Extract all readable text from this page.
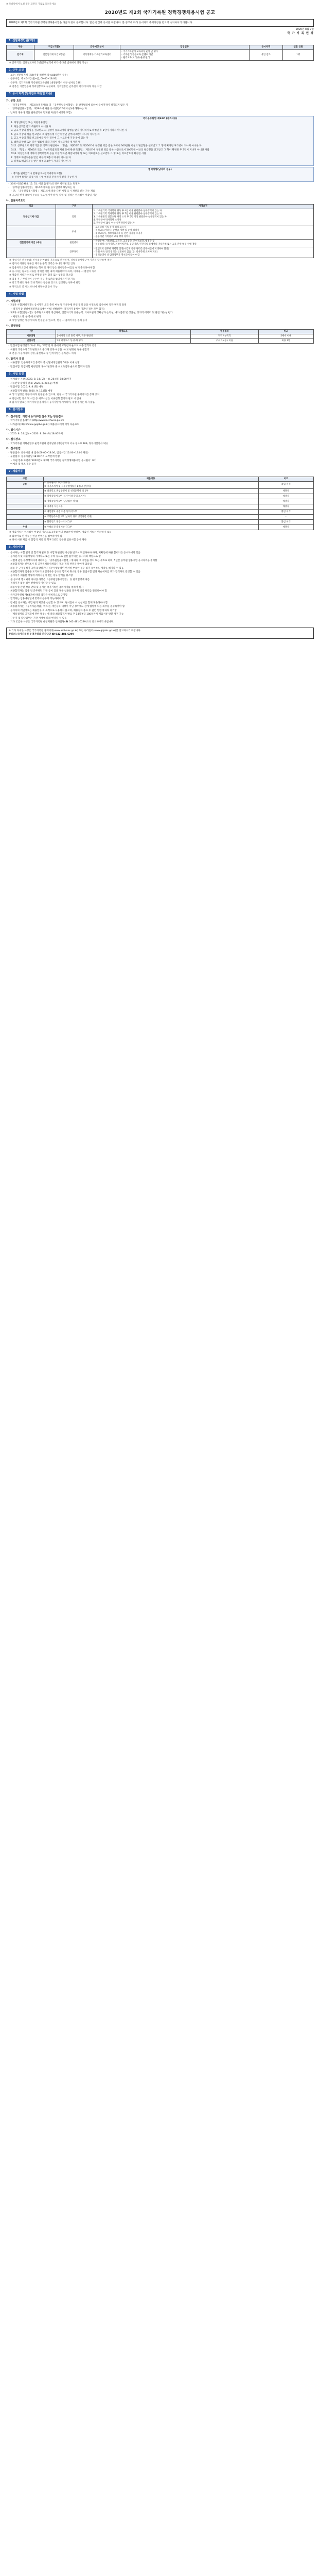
※ 모바일에서 보실 경우 화면을 가로로 돌려주세요
2020년도 제2회 국가기록원 경력경쟁채용시험 공고
2020년도 제2회 국가기록원 경력경쟁채용시험을 다음과 같이 공고합니다. 많은 관심과 응시를 바랍니다. 본 공고에 따라 응시자의 주의사항을 반드시 숙지하시기 바랍니다.
2020년 8월 7일
국 가 기 록 원 장
1. 선발예정인원(1명)
구분	직급 (직렬)	근무예정 부서	담당업무	응시자격	선발 인원
임기제	전문임기제 다급 (행정)	기록정책부 기록관리교육센터	◦ 국가기록관리 교육과정 운영 및 평가
◦ 기록관리 전문교육 콘텐츠 개발
◦ 원격교육(이러닝) 운영 관리	붙임 참조	1명

※ 근무기간: 임용일로부터 2년(근무실적에 따라 총 5년 범위에서 연장 가능)

2. 근무 조건

◦ 보수: 전문임기제 다급(연봉 하한액 약 4,800만원 수준)

◦ 근무시간: 주 40시간(월~금, 09:00~18:00)

◦ 근무지: 국가기록원 기록관리교육센터 (대전광역시 서구 청사로 189)

※ 연봉은 기본연봉과 성과연봉으로 구성되며, 성과연봉은 근무실적 평가에 따라 차등 지급

3. 응시 자격 (원서접수 마감일 기준)
가. 공통 요건

◦ 「국가공무원법」 제33조(결격사유) 및 「공무원임용시험령」 등 관계법령에 의하여 응시자격이 정지되지 않은 자

◦ 「공무원임용시험령」 제16조에 따른 응시연령(20세 이상)에 해당하는 자

◦ 남자의 경우 병역을 필하였거나 면제된 자(전역예정자 포함)

국가공무원법 제33조 (결격사유)

1. 피성년후견인 또는 피한정후견인

2. 파산선고를 받고 복권되지 아니한 자

3. 금고 이상의 실형을 선고받고 그 집행이 종료되거나 집행을 받지 아니하기로 확정된 후 5년이 지나지 아니한 자

4. 금고 이상의 형을 선고받고 그 집행유예 기간이 끝난 날부터 2년이 지나지 아니한 자

5. 금고 이상의 형의 선고유예를 받은 경우에 그 선고유예 기간 중에 있는 자

6. 법원의 판결 또는 다른 법률에 따라 자격이 상실되거나 정지된 자

6의2. 공무원으로 재직기간 중 직무와 관련하여 「형법」 제355조 및 제356조에 규정된 죄를 범한 자로서 300만원 이상의 벌금형을 선고받고 그 형이 확정된 후 2년이 지나지 아니한 자

6의3. 「형법」 제303조 또는 「성폭력범죄의 처벌 등에 관한 특례법」 제10조에 규정된 죄를 범한 사람으로서 100만원 이상의 벌금형을 선고받고 그 형이 확정된 후 3년이 지나지 아니한 사람

6의4. 미성년자에 대하여 성폭력범죄 등을 저질러 파면·해임되거나 형 또는 치료감호를 선고받아 그 형 또는 치료감호가 확정된 사람

7. 징계로 파면처분을 받은 때부터 5년이 지나지 아니한 자

8. 징계로 해임처분을 받은 때부터 3년이 지나지 아니한 자

병역사항(남자의 경우)

◦ 병역을 필하였거나 면제된 자 (전역예정자 포함)

※ 전역예정자는 최종시험 시행 예정일 전일까지 전역 가능한 자

◦ 36세 이상(1984. 12. 31. 이전 출생자)의 경우 병역필 또는 면제자

◦ 「공무원 임용시험령」 제16조에 따른 응시연령에 해당하는 자

- 단, 「공무원임용시험령」 제51조에 따라 다른 시험 응시 제한을 받는 자는 제외

※ 공고일 현재 국내에 주소를 두고 있어야 하며, 학력 및 경력은 원서접수 마감일 기준

나. 임용자격요건
직급	구분	자격요건
전문임기제 다급	일반	1. 기록관리학 석사학위 취득 후 4년 이상 관련분야 실무경력이 있는 자
2. 기록관리학 학사학위 취득 후 7년 이상 관련분야 실무경력이 있는 자
3. 기록물관리 전문요원 자격 소지 후 5년 이상 관련분야 실무경력이 있는 자
4. 관련분야 박사학위 소지자
5. 관련분야 10년 이상 실무경력이 있는 자
	우대	◦ 교육과정 기획·운영 경력 보유자
◦ 원격교육(이러닝) 콘텐츠 개발 및 운영 경력자
◦ 평생교육사, 정보처리기사 등 관련 자격증 소지자
◦ 공공기관 기록관리 교육 강의 경력자
전문임기제 다급 (세부)	관련분야	◦ 관련분야: 기록관리, 교육학, 교육공학, 문헌정보학, 행정학 등
◦ 실무경력: 국가기관, 지방자치단체, 공공기관, 민간기업 등에서의 기록관리 또는 교육 관련 업무 수행 경력
	근무경력	◦ 전임으로 근무한 경력만 인정(시간제 근무 경력은 근무시간에 비례하여 환산)
◦ 학위 취득 전의 경력은 인정하지 않음 (단, 박사학위 소지자 제외)
◦ 경력증명서 상 담당업무가 명시되어 있어야 함

※ 경력기간 산정방법: 원서접수 마감일 기준으로 산정하며, 경력증명서상 근무기간을 합산하여 계산

※ 겸직이 허용된 경우를 제외한 중복 경력은 하나의 경력만 인정

※ 임용자격요건에 해당하는 학위 및 경력 등은 원서접수 마감일 현재 충족하여야 함

※ 응시자는 필요한 서류를 정해진 기한 내에 제출하여야 하며, 미제출 시 불합격 처리

※ 제출된 서류가 허위로 판명될 경우 합격 또는 임용을 취소함

※ 임용 후 근무실적이 우수한 경우 총 5년의 범위에서 연장 가능

※ 외국 학위의 경우 국내 학위와 동등한 것으로 인정되는 경우에 한함

※ 자격요건 중 어느 하나에 해당하면 응시 가능

4. 시험 방법
가. 시험과정

◦ 제1차 시험(서류전형): 응시자격 요건 충족 여부 및 직무수행 관련 경력 등을 서면으로 심사하여 적격·부적격 결정

- 적격자 중 선발예정인원의 5배수 이내 선발(다만, 적격자가 5배수 미만인 경우 모두 합격)

◦ 제2차 시험(면접시험): 공무원으로서의 정신자세, 전문지식과 응용능력, 의사표현의 정확성과 논리성, 예의·품행 및 성실성, 창의력·의지력 및 발전 가능성 평가

- 평정요소별 상·중·하로 평가

※ 시험 일정은 사정에 따라 변경될 수 있으며, 변경 시 홈페이지를 통해 공지

나. 평정방법
구분	평정요소	평정결과	비고
서류전형	응시자격 요건 충족 여부, 직무 관련성	적격 / 부적격	5배수 이내
면접시험	5개 평정요소 상·중·하 평가	우수 / 보통 / 미흡	최종 1명

◦ 면접시험 평정결과 '우수' 또는 '보통'인 자 중에서 고득점자 순으로 최종 합격자 결정

◦ 위원의 과반수가 5개 평정요소 중 2개 항목 이상을 '하'로 평정한 경우 불합격

※ 면접 시 응시자의 성명, 출신학교 등 인적사항은 블라인드 처리

다. 합격자 결정

◦ 서류전형: 임용자격요건 충족자 중 선발예정인원의 5배수 이내 선발

◦ 면접시험: 면접시험 평정결과 '우수' 판정자 중 최고득점자 순으로 합격자 결정

5. 시험 일정

◦ 원서접수 기간: 2020. 8. 14.(금) ~ 8. 20.(목) 18:00까지

◦ 서류전형 합격자 발표: 2020. 8. 28.(금) 예정

◦ 면접시험: 2020. 9. 8.(화) 예정

◦ 최종합격자 발표: 2020. 9. 15.(화) 예정

※ 상기 일정은 사정에 따라 변경될 수 있으며, 변경 시 국가기록원 홈페이지를 통해 공지

※ 면접시험 장소 및 시간 등 세부사항은 서류전형 합격자 발표 시 안내

※ 합격자 발표는 국가기록원 홈페이지 공지사항에 게시하며, 개별 통지는 하지 않음

6. 원서접수
가. 접수방법: 기한내 등기우편 접수 또는 방문접수

◦ 국가기록원 홈페이지(http://www.archives.go.kr)

◦ 나라일터(http://www.gojobs.go.kr) 채용공고에서 서식 다운로드

나. 접수기간

◦ 2020. 8. 14.(금) ~ 2020. 8. 20.(목) 18:00까지

다. 접수장소

◦ 국가기록원 기획운영부 운영지원과 인사담당 (대전광역시 서구 청사로 189, 정부대전청사 3동)

라. 접수방법

◦ 방문접수: 근무시간 내 접수(09:00~18:00, 점심시간 12:00~13:00 제외)

◦ 우편접수: 접수마감일 18:00까지 도착분에 한함

- 우편 봉투 표면에 '2020년도 제2회 국가기록원 경력경쟁채용시험 응시원서' 표기

◦ 이메일 및 팩스 접수 불가

7. 제출서류
구분	제출서류	비고
공통	① 응시원서 1부(소정양식)
② 자기소개서 및 직무수행계획서 1부(소정양식)	붙임 서식
	③ 최종학교 졸업증명서 및 성적증명서 각 1부	해당자
	④ 학위증명서 1부 (석사 이상 학위 소지자)	해당자
	⑤ 경력증명서 1부 (담당업무 명시)	해당자
	⑥ 자격증 사본 1부	해당자
	⑦ 개인정보 수집·이용 동의서 1부	붙임 서식
	⑧ 주민등록초본 1부 (남자의 경우 병적사항 기재)	-
	⑨ 블라인드 채용 서약서 1부	붙임 서식
우대	⑩ 우대요건 증빙서류 각 1부	해당자

※ 제출서류는 원서접수 마감일 기준으로 3개월 이내 발급분에 한하며, 제출된 서류는 반환하지 않음

※ 외국어로 된 서류는 한글 번역본을 첨부하여야 함

※ 허위 서류 제출 시 불합격 처리 및 향후 5년간 공무원 임용시험 응시 제한

8. 기타사항

◦ 응시자는 시험 일정 및 합격자 발표 등 시험과 관련된 사항을 반드시 확인하여야 하며, 미확인에 따른 불이익은 응시자에게 있음

◦ 응시원서 및 제출서류의 기재착오 또는 누락 등으로 인한 불이익은 응시자의 책임으로 함

◦ 시험에 관한 부정행위자에 대하여는 「공무원임용시험령」에 따라 그 시험을 정지 또는 무효로 하며, 5년간 공무원 임용시험 응시자격을 정지함

◦ 최종합격자는 신원조사 및 공무원채용신체검사 결과 적격 판정을 받아야 임용됨

◦ 채용 후 근무성적이 극히 불량하거나 직무수행능력이 현저히 부족한 경우 임기 중이라도 계약을 해지할 수 있음

◦ 최종합격자가 임용을 포기하거나 결격사유 등으로 합격이 취소된 경우 면접시험 결과 차순위자를 추가 합격자로 결정할 수 있음

◦ 응시자가 제출한 서류에 허위사실이 있는 경우 합격을 취소함

◦ 본 공고에 명시되지 아니한 사항은 「공무원임용시험령」 등 관계법령에 따름

◦ 적격자가 없는 경우 선발하지 아니할 수 있음

◦ 채용시험 관련 각종 안내 및 공지는 국가기록원 홈페이지를 통하여 실시

◦ 최종합격자는 임용 전 근무하던 기관 등이 있을 경우 임용일 전까지 퇴직 처리를 완료하여야 함

◦ 국가공무원법 제64조에 따라 겸직은 원칙적으로 금지됨

◦ 합격자는 임용예정일에 맞추어 근무가 가능하여야 함

◦ 장애인 응시자는 시험 편의 제공을 신청할 수 있으며, 원서접수 시 신청서를 함께 제출하여야 함

◦ 최종합격자는 「공직자윤리법」에 따른 재산등록 대상이 아닌 경우에도 관계 법령에 따른 의무를 준수하여야 함

◦ 응시자의 개인정보는 채용업무 외 목적으로 사용하지 않으며, 채용절차 종료 후 관련 법령에 따라 파기함

◦ 「채용절차의 공정화에 관한 법률」에 따라 최종합격자 발표 후 14일부터 180일까지 제출서류 반환 청구 가능

◦ 근무지 및 담당업무는 기관 사정에 따라 변경될 수 있음

◦ 기타 궁금한 사항은 국가기록원 운영지원과 인사담당(☎ 042-481-6299)으로 문의하시기 바랍니다.

※ 기타 자세한 사항은 국가기록원 홈페이지(www.archives.go.kr) 또는 나라일터(www.gojobs.go.kr)를 참고하시기 바랍니다.

문의처: 국가기록원 운영지원과 인사담당 ☎ 042-481-6299
